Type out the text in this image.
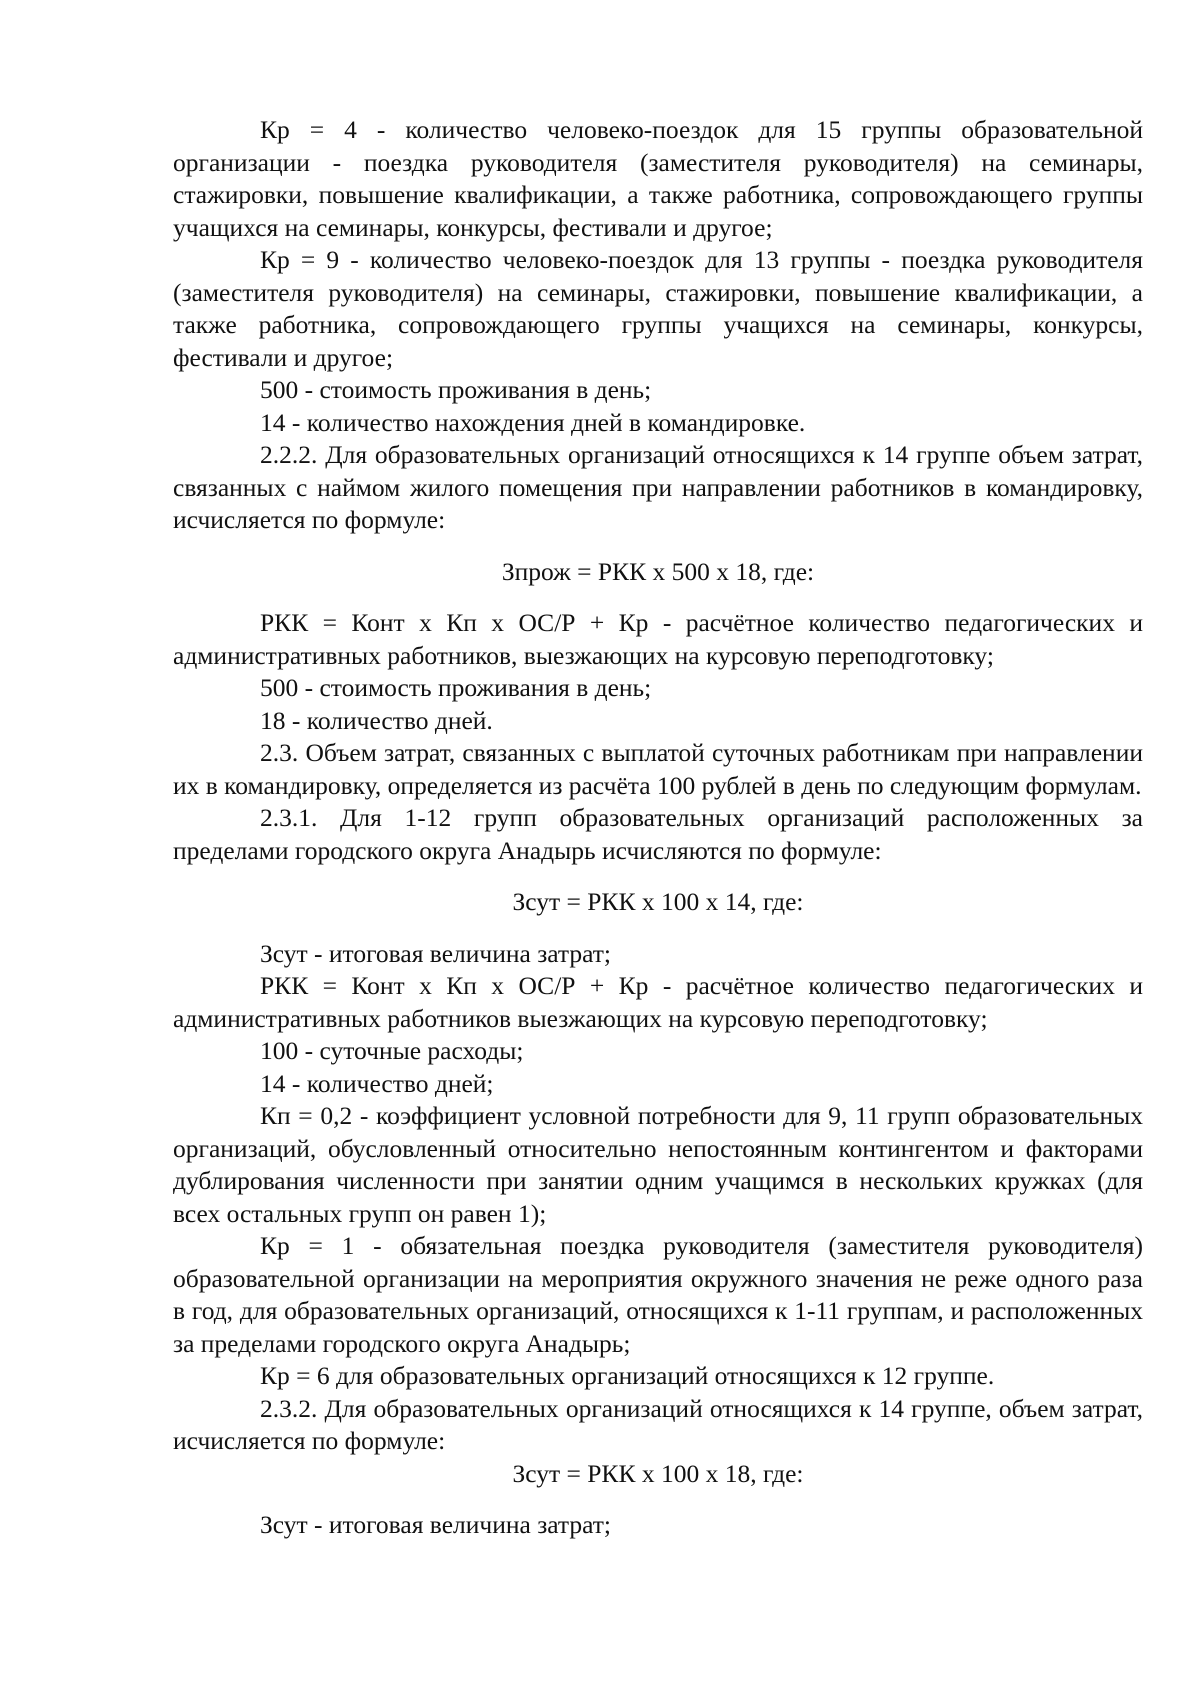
Кр = 4 - количество человеко-поездок для 15 группы образовательной организации - поездка руководителя (заместителя руководителя) на семинары, стажировки, повышение квалификации, а также работника, сопровождающего группы учащихся на семинары, конкурсы, фестивали и другое;

Кр = 9 - количество человеко-поездок для 13 группы - поездка руководителя (заместителя руководителя) на семинары, стажировки, повышение квалификации, а также работника, сопровождающего группы учащихся на семинары, конкурсы, фестивали и другое;

500 - стоимость проживания в день;

14 - количество нахождения дней в командировке.

2.2.2. Для образовательных организаций относящихся к 14 группе объем затрат, связанных с наймом жилого помещения при направлении работников в командировку, исчисляется по формуле:

Зпрож = РКК х 500 х 18, где:

РКК = Конт х Кп х ОС/Р + Кр - расчётное количество педагогических и административных работников, выезжающих на курсовую переподготовку;

500 - стоимость проживания в день;

18 - количество дней.

2.3. Объем затрат, связанных с выплатой суточных работникам при направлении их в командировку, определяется из расчёта 100 рублей в день по следующим формулам.

2.3.1. Для 1-12 групп образовательных организаций расположенных за пределами городского округа Анадырь исчисляются по формуле:

Зсут = РКК х 100 х 14, где:

Зсут - итоговая величина затрат;

РКК = Конт х Кп х ОС/Р + Кр - расчётное количество педагогических и административных работников выезжающих на курсовую переподготовку;

100 - суточные расходы;

14 - количество дней;

Кп = 0,2 - коэффициент условной потребности для 9, 11 групп образовательных организаций, обусловленный относительно непостоянным контингентом и факторами дублирования численности при занятии одним учащимся в нескольких кружках (для всех остальных групп он равен 1);

Кр = 1 - обязательная поездка руководителя (заместителя руководителя) образовательной организации на мероприятия окружного значения не реже одного раза в год, для образовательных организаций, относящихся к 1-11 группам, и расположенных за пределами городского округа Анадырь;

Кр = 6 для образовательных организаций относящихся к 12 группе.

2.3.2. Для образовательных организаций относящихся к 14 группе, объем затрат, исчисляется по формуле:

Зсут = РКК х 100 х 18, где:

Зсут - итоговая величина затрат;
